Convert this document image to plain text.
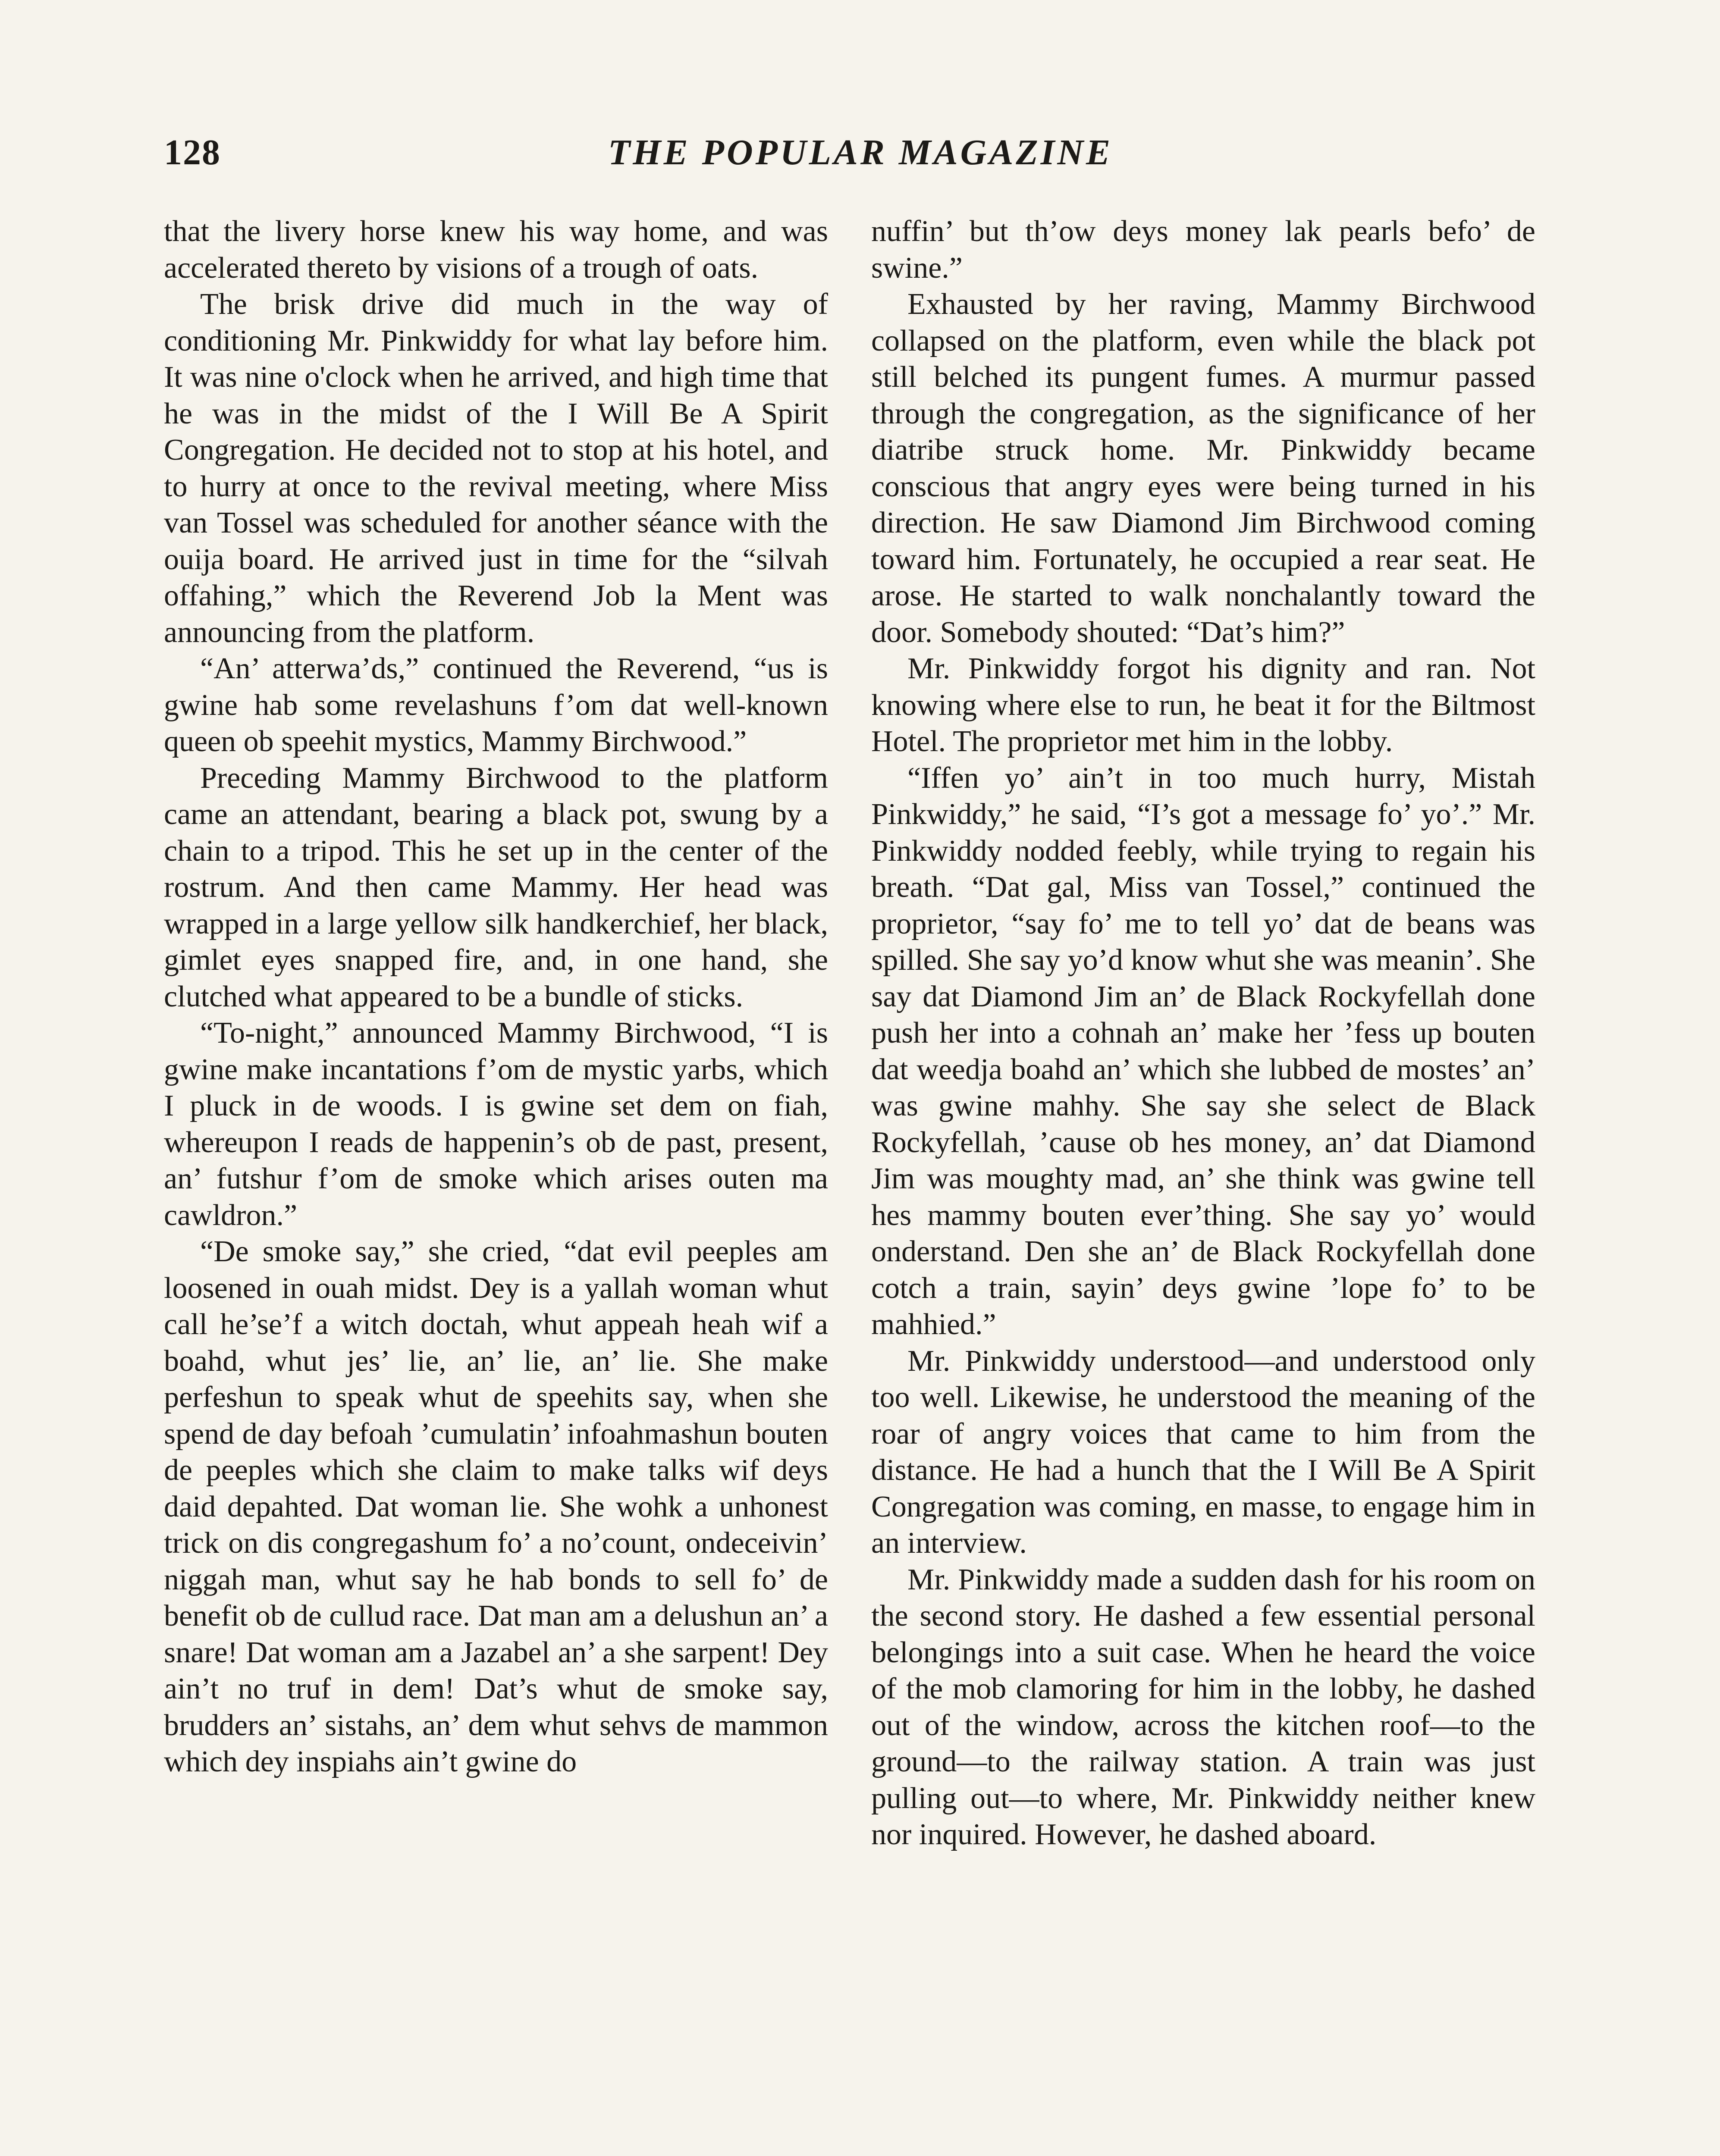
128	THE POPULAR MAGAZINE

that the livery horse knew his way home, and was accelerated thereto by visions of a trough of oats.

The brisk drive did much in the way of conditioning Mr. Pinkwiddy for what lay before him. It was nine o'clock when he arrived, and high time that he was in the midst of the I Will Be A Spirit Congregation. He decided not to stop at his hotel, and to hurry at once to the revival meeting, where Miss van Tossel was scheduled for another séance with the ouija board. He arrived just in time for the “silvah offahing,” which the Reverend Job la Ment was announcing from the platform.

“An’ atterwa’ds,” continued the Reverend, “us is gwine hab some revelashuns f’om dat well-known queen ob speehit mystics, Mammy Birchwood.”

Preceding Mammy Birchwood to the platform came an attendant, bearing a black pot, swung by a chain to a tripod. This he set up in the center of the rostrum. And then came Mammy. Her head was wrapped in a large yellow silk handkerchief, her black, gimlet eyes snapped fire, and, in one hand, she clutched what appeared to be a bundle of sticks.

“To-night,” announced Mammy Birchwood, “I is gwine make incantations f’om de mystic yarbs, which I pluck in de woods. I is gwine set dem on fiah, whereupon I reads de happenin’s ob de past, present, an’ futshur f’om de smoke which arises outen ma cawldron.”

“De smoke say,” she cried, “dat evil peeples am loosened in ouah midst. Dey is a yallah woman whut call he’se’f a witch doctah, whut appeah heah wif a boahd, whut jes’ lie, an’ lie, an’ lie. She make perfeshun to speak whut de speehits say, when she spend de day befoah ’cumulatin’ infoahmashun bouten de peeples which she claim to make talks wif deys daid depahted. Dat woman lie. She wohk a unhonest trick on dis congregashum fo’ a no’count, ondeceivin’ niggah man, whut say he hab bonds to sell fo’ de benefit ob de cullud race. Dat man am a delushun an’ a snare! Dat woman am a Jazabel an’ a she sarpent! Dey ain’t no truf in dem! Dat’s whut de smoke say, brudders an’ sistahs, an’ dem whut sehvs de mammon which dey inspiahs ain’t gwine do

nuffin’ but th’ow deys money lak pearls befo’ de swine.”

Exhausted by her raving, Mammy Birchwood collapsed on the platform, even while the black pot still belched its pungent fumes. A murmur passed through the congregation, as the significance of her diatribe struck home. Mr. Pinkwiddy became conscious that angry eyes were being turned in his direction. He saw Diamond Jim Birchwood coming toward him. Fortunately, he occupied a rear seat. He arose. He started to walk nonchalantly toward the door. Somebody shouted: “Dat’s him?”

Mr. Pinkwiddy forgot his dignity and ran. Not knowing where else to run, he beat it for the Biltmost Hotel. The proprietor met him in the lobby.

“Iffen yo’ ain’t in too much hurry, Mistah Pinkwiddy,” he said, “I’s got a message fo’ yo’.” Mr. Pinkwiddy nodded feebly, while trying to regain his breath. “Dat gal, Miss van Tossel,” continued the proprietor, “say fo’ me to tell yo’ dat de beans was spilled. She say yo’d know whut she was meanin’. She say dat Diamond Jim an’ de Black Rockyfellah done push her into a cohnah an’ make her ’fess up bouten dat weedja boahd an’ which she lubbed de mostes’ an’ was gwine mahhy. She say she select de Black Rockyfellah, ’cause ob hes money, an’ dat Diamond Jim was moughty mad, an’ she think was gwine tell hes mammy bouten ever’thing. She say yo’ would onderstand. Den she an’ de Black Rockyfellah done cotch a train, sayin’ deys gwine ’lope fo’ to be mahhied.”

Mr. Pinkwiddy understood—and understood only too well. Likewise, he understood the meaning of the roar of angry voices that came to him from the distance. He had a hunch that the I Will Be A Spirit Congregation was coming, en masse, to engage him in an interview.

Mr. Pinkwiddy made a sudden dash for his room on the second story. He dashed a few essential personal belongings into a suit case. When he heard the voice of the mob clamoring for him in the lobby, he dashed out of the window, across the kitchen roof—to the ground—to the railway station. A train was just pulling out—to where, Mr. Pinkwiddy neither knew nor inquired. However, he dashed aboard.
